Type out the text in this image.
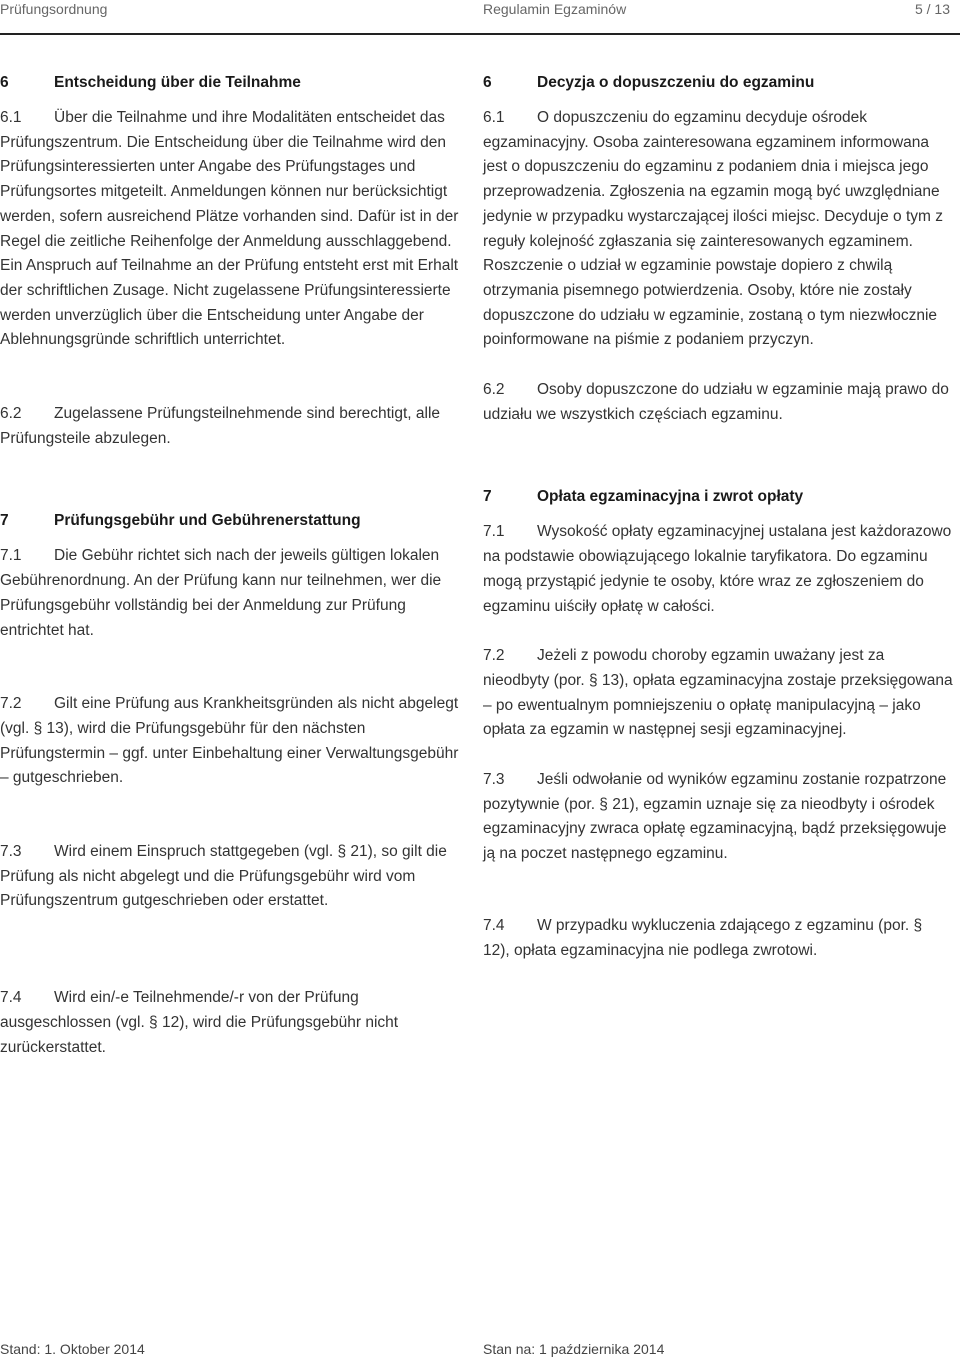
Prüfungsordnung	Regulamin Egzaminów	5 / 13
6	Entscheidung über die Teilnahme

6.1 Über die Teilnahme und ihre Modalitäten entscheidet das Prüfungszentrum. Die Entscheidung über die Teilnahme wird den Prüfungsinteressierten unter Angabe des Prüfungstages und Prüfungsortes mitgeteilt. Anmeldungen können nur berücksichtigt werden, sofern ausreichend Plätze vorhanden sind. Dafür ist in der Regel die zeitliche Reihenfolge der Anmeldung ausschlaggebend. Ein Anspruch auf Teilnahme an der Prüfung entsteht erst mit Erhalt der schriftlichen Zusage. Nicht zugelassene Prüfungsinteressierte werden unverzüglich über die Entscheidung unter Angabe der Ablehnungsgründe schriftlich unterrichtet.

6.2 Zugelassene Prüfungsteilnehmende sind berechtigt, alle Prüfungsteile abzulegen.

7	Prüfungsgebühr und Gebührenerstattung

7.1 Die Gebühr richtet sich nach der jeweils gültigen lokalen Gebührenordnung. An der Prüfung kann nur teilnehmen, wer die Prüfungsgebühr vollständig bei der Anmeldung zur Prüfung entrichtet hat.

7.2 Gilt eine Prüfung aus Krankheitsgründen als nicht abgelegt (vgl. § 13), wird die Prüfungsgebühr für den nächsten Prüfungstermin – ggf. unter Einbehaltung einer Verwaltungsgebühr – gutgeschrieben.

7.3 Wird einem Einspruch stattgegeben (vgl. § 21), so gilt die Prüfung als nicht abgelegt und die Prüfungsgebühr wird vom Prüfungszentrum gutgeschrieben oder erstattet.

7.4 Wird ein/-e Teilnehmende/-r von der Prüfung ausgeschlossen (vgl. § 12), wird die Prüfungsgebühr nicht zurückerstattet.

6	Decyzja o dopuszczeniu do egzaminu

6.1 O dopuszczeniu do egzaminu decyduje ośrodek egzaminacyjny. Osoba zainteresowana egzaminem informowana jest o dopuszczeniu do egzaminu z podaniem dnia i miejsca jego przeprowadzenia. Zgłoszenia na egzamin mogą być uwzględniane jedynie w przypadku wystarczającej ilości miejsc. Decyduje o tym z reguły kolejność zgłaszania się zainteresowanych egzaminem. Roszczenie o udział w egzaminie powstaje dopiero z chwilą otrzymania pisemnego potwierdzenia. Osoby, które nie zostały dopuszczone do udziału w egzaminie, zostaną o tym niezwłocznie poinformowane na piśmie z podaniem przyczyn.

6.2 Osoby dopuszczone do udziału w egzaminie mają prawo do udziału we wszystkich częściach egzaminu.

7	Opłata egzaminacyjna i zwrot opłaty

7.1 Wysokość opłaty egzaminacyjnej ustalana jest każdorazowo na podstawie obowiązującego lokalnie taryfikatora. Do egzaminu mogą przystąpić jedynie te osoby, które wraz ze zgłoszeniem do egzaminu uiściły opłatę w całości.

7.2 Jeżeli z powodu choroby egzamin uważany jest za nieodbyty (por. § 13), opłata egzaminacyjna zostaje przeksięgowana – po ewentualnym pomniejszeniu o opłatę manipulacyjną – jako opłata za egzamin w następnej sesji egzaminacyjnej.

7.3 Jeśli odwołanie od wyników egzaminu zostanie rozpatrzone pozytywnie (por. § 21), egzamin uznaje się za nieodbyty i ośrodek egzaminacyjny zwraca opłatę egzaminacyjną, bądź przeksięgowuje ją na poczet następnego egzaminu.

7.4 W przypadku wykluczenia zdającego z egzaminu (por. § 12), opłata egzaminacyjna nie podlega zwrotowi.

Stand: 1. Oktober 2014	Stan na: 1 października 2014
